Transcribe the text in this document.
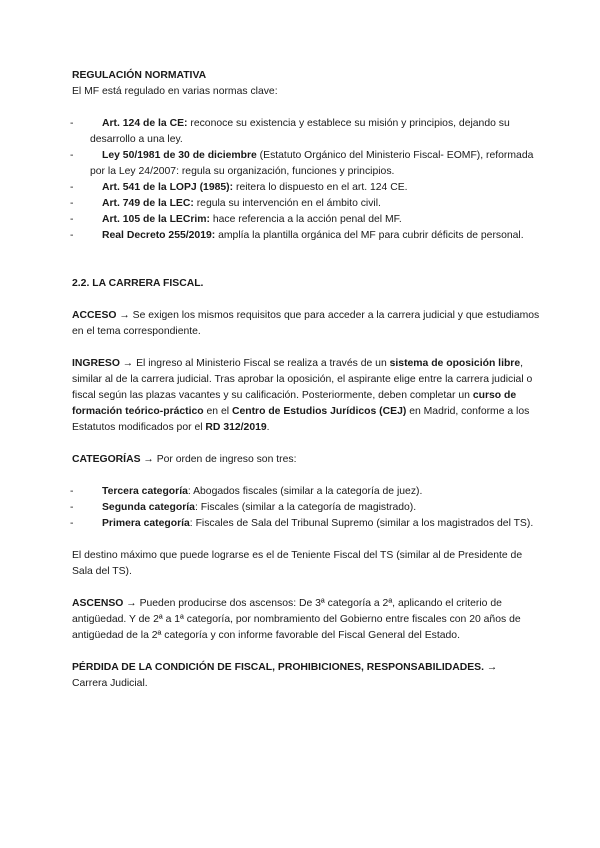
REGULACIÓN NORMATIVA

El MF está regulado en varias normas clave:

-	Art. 124 de la CE: reconoce su existencia y establece su misión y principios, dejando su desarrollo a una ley.
-	Ley 50/1981 de 30 de diciembre (Estatuto Orgánico del Ministerio Fiscal- EOMF), reformada por la Ley 24/2007: regula su organización, funciones y principios.
-	Art. 541 de la LOPJ (1985): reitera lo dispuesto en el art. 124 CE.
-	Art. 749 de la LEC: regula su intervención en el ámbito civil.
-	Art. 105 de la LECrim: hace referencia a la acción penal del MF.
-	Real Decreto 255/2019: amplía la plantilla orgánica del MF para cubrir déficits de personal.

2.2. LA CARRERA FISCAL.

ACCESO → Se exigen los mismos requisitos que para acceder a la carrera judicial y que estudiamos en el tema correspondiente.

INGRESO → El ingreso al Ministerio Fiscal se realiza a través de un sistema de oposición libre, similar al de la carrera judicial. Tras aprobar la oposición, el aspirante elige entre la carrera judicial o fiscal según las plazas vacantes y su calificación. Posteriormente, deben completar un curso de formación teórico-práctico en el Centro de Estudios Jurídicos (CEJ) en Madrid, conforme a los Estatutos modificados por el RD 312/2019.

CATEGORÍAS → Por orden de ingreso son tres:

-	Tercera categoría: Abogados fiscales (similar a la categoría de juez).
-	Segunda categoría: Fiscales (similar a la categoría de magistrado).
-	Primera categoría: Fiscales de Sala del Tribunal Supremo (similar a los magistrados del TS).

El destino máximo que puede lograrse es el de Teniente Fiscal del TS (similar al de Presidente de Sala del TS).

ASCENSO → Pueden producirse dos ascensos: De 3ª categoría a 2ª, aplicando el criterio de antigüedad. Y de 2ª a 1ª categoría, por nombramiento del Gobierno entre fiscales con 20 años de antigüedad de la 2ª categoría y con informe favorable del Fiscal General del Estado.

PÉRDIDA DE LA CONDICIÓN DE FISCAL, PROHIBICIONES, RESPONSABILIDADES. →
Carrera Judicial.
